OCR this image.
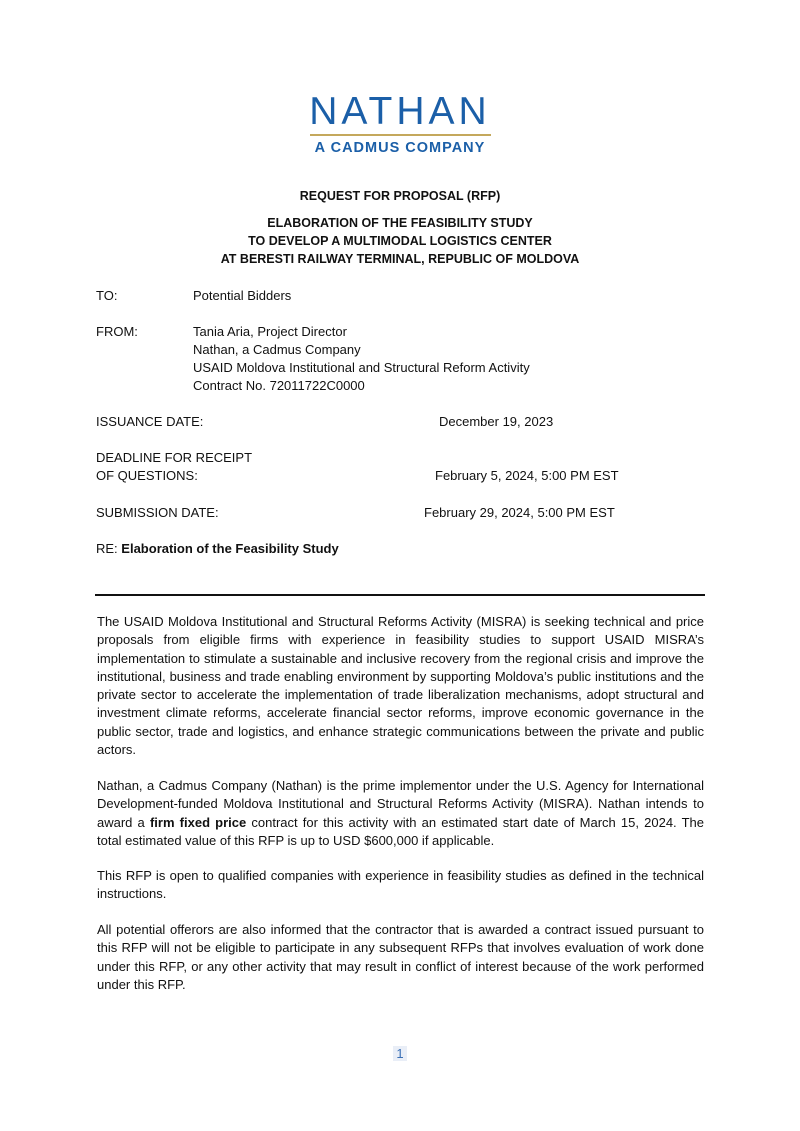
NATHAN
A CADMUS COMPANY
REQUEST FOR PROPOSAL (RFP)
ELABORATION OF THE FEASIBILITY STUDY
TO DEVELOP A MULTIMODAL LOGISTICS CENTER
AT BERESTI RAILWAY TERMINAL, REPUBLIC OF MOLDOVA
TO:	Potential Bidders
FROM:	Tania Aria, Project Director
Nathan, a Cadmus Company
USAID Moldova Institutional and Structural Reform Activity
Contract No. 72011722C0000
ISSUANCE DATE:	December 19, 2023
DEADLINE FOR RECEIPT
OF QUESTIONS:	February 5, 2024, 5:00 PM EST
SUBMISSION DATE:	February 29, 2024, 5:00 PM EST
RE: Elaboration of the Feasibility Study
The USAID Moldova Institutional and Structural Reforms Activity (MISRA) is seeking technical and price proposals from eligible firms with experience in feasibility studies to support USAID MISRA’s implementation to stimulate a sustainable and inclusive recovery from the regional crisis and improve the institutional, business and trade enabling environment by supporting Moldova’s public institutions and the private sector to accelerate the implementation of trade liberalization mechanisms, adopt structural and investment climate reforms, accelerate financial sector reforms, improve economic governance in the public sector, trade and logistics, and enhance strategic communications between the private and public actors.
Nathan, a Cadmus Company (Nathan) is the prime implementor under the U.S. Agency for International Development-funded Moldova Institutional and Structural Reforms Activity (MISRA). Nathan intends to award a firm fixed price contract for this activity with an estimated start date of March 15, 2024. The total estimated value of this RFP is up to USD $600,000 if applicable.
This RFP is open to qualified companies with experience in feasibility studies as defined in the technical instructions.
All potential offerors are also informed that the contractor that is awarded a contract issued pursuant to this RFP will not be eligible to participate in any subsequent RFPs that involves evaluation of work done under this RFP, or any other activity that may result in conflict of interest because of the work performed under this RFP.
1
